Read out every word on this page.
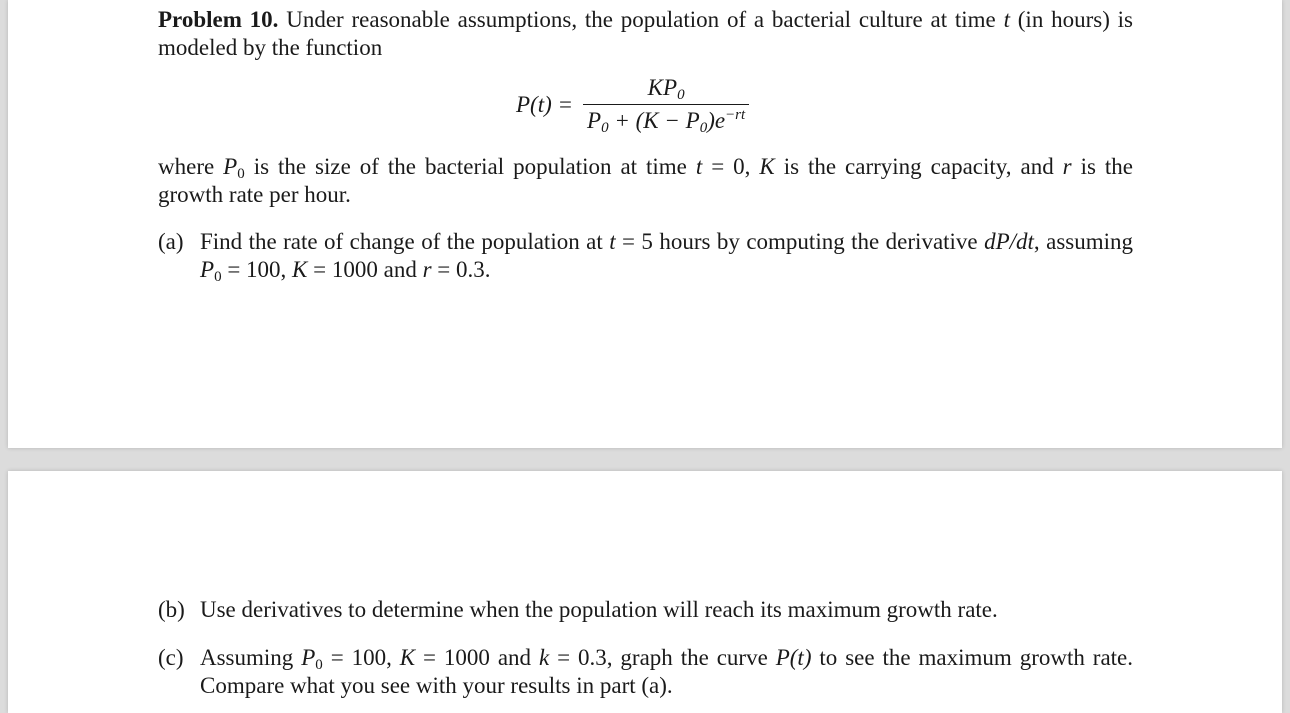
Problem 10. Under reasonable assumptions, the population of a bacterial culture at time t (in hours) is modeled by the function
$P(t) = \frac{KP_0}{P_0 + (K - P_0)e^{-rt}}$
where $P_0$ is the size of the bacterial population at time t = 0, K is the carrying capacity, and r is the growth rate per hour.
(a) Find the rate of change of the population at t = 5 hours by computing the derivative dP/dt, assuming $P_0 = 100$, K = 1000 and r = 0.3.
(b) Use derivatives to determine when the population will reach its maximum growth rate.
(c) Assuming $P_0 = 100$, K = 1000 and k = 0.3, graph the curve P(t) to see the maximum growth rate. Compare what you see with your results in part (a).
